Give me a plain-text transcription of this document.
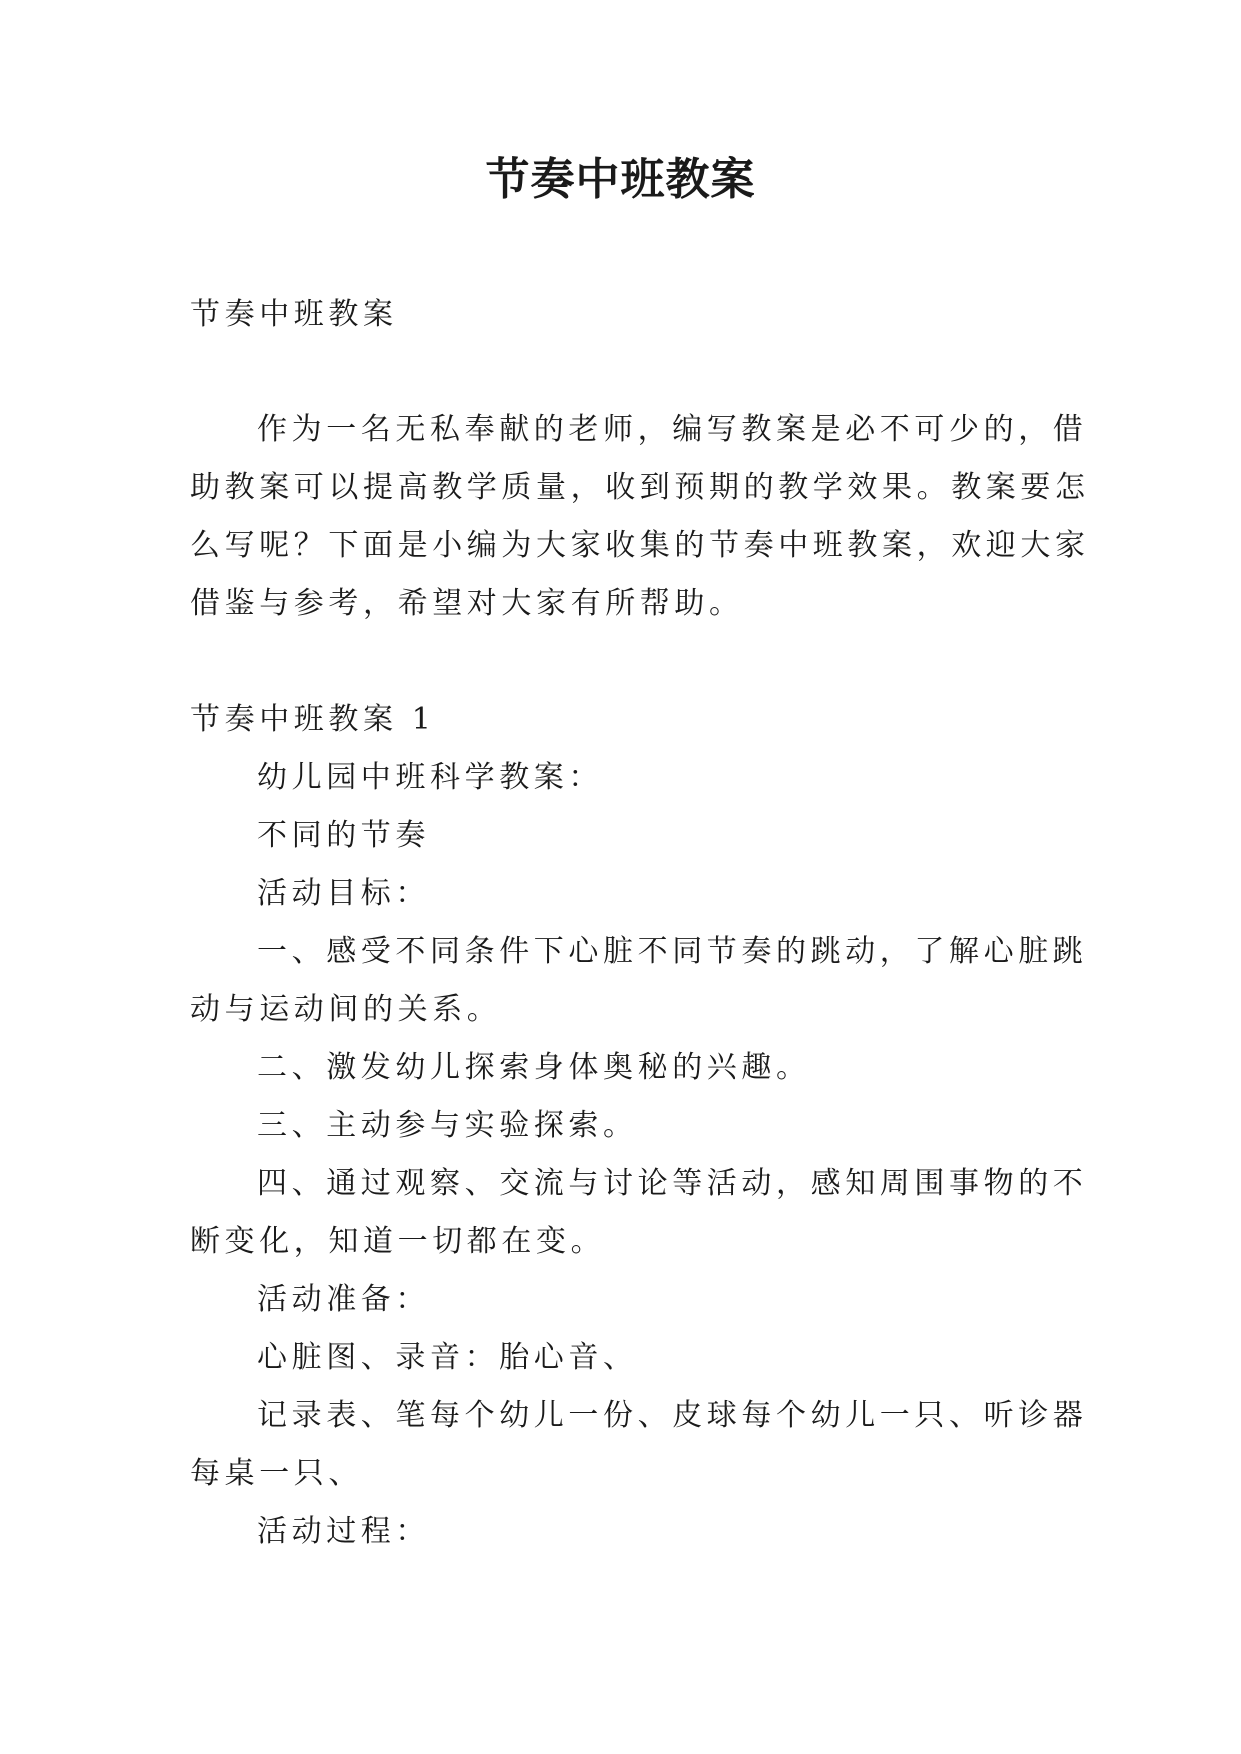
节奏中班教案

节奏中班教案

作为一名无私奉献的老师，编写教案是必不可少的，借

助教案可以提高教学质量，收到预期的教学效果。教案要怎

么写呢？下面是小编为大家收集的节奏中班教案，欢迎大家

借鉴与参考，希望对大家有所帮助。

节奏中班教案 1

幼儿园中班科学教案：

不同的节奏

活动目标：

一、感受不同条件下心脏不同节奏的跳动，了解心脏跳

动与运动间的关系。

二、激发幼儿探索身体奥秘的兴趣。

三、主动参与实验探索。

四、通过观察、交流与讨论等活动，感知周围事物的不

断变化，知道一切都在变。

活动准备：

心脏图、录音：胎心音、

记录表、笔每个幼儿一份、皮球每个幼儿一只、听诊器

每桌一只、

活动过程：
